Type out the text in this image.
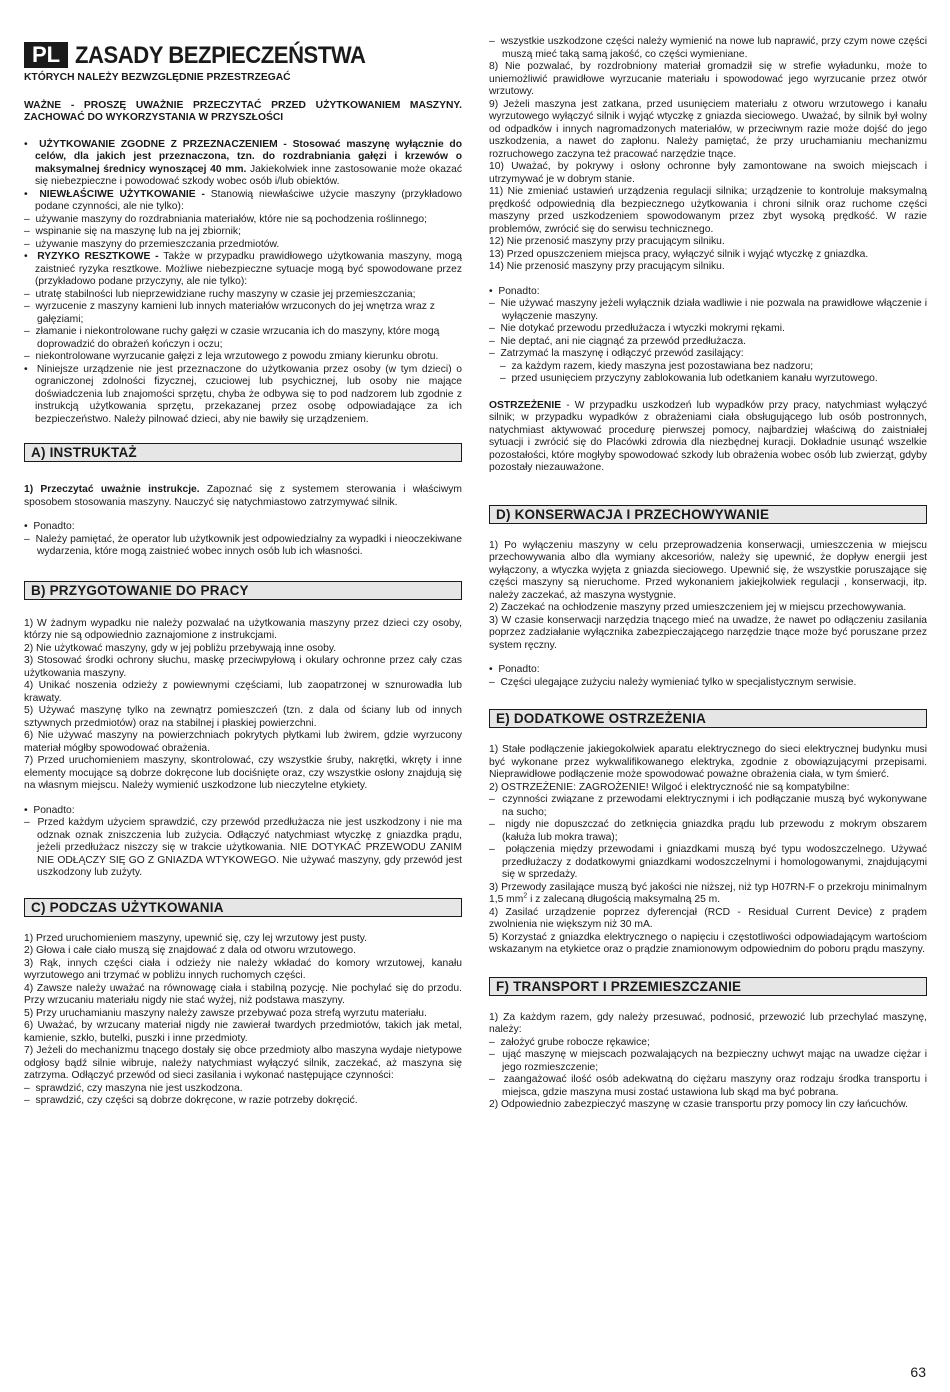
PL ZASADY BEZPIECZEŃSTWA

KTÓRYCH NALEŻY BEZWZGLĘDNIE PRZESTRZEGAĆ

WAŻNE - PROSZĘ UWAŻNIE PRZECZYTAĆ PRZED UŻYTKOWANIEM MASZYNY. ZACHOWAĆ DO WYKORZYSTANIA W PRZYSZŁOŚCI

•  UŻYTKOWANIE ZGODNE Z PRZEZNACZENIEM - Stosować maszynę wyłącznie do celów, dla jakich jest przeznaczona, tzn. do rozdrabniania gałęzi i krzewów o maksymalnej średnicy wynoszącej 40 mm. Jakiekolwiek inne zastosowanie może okazać się niebezpieczne i powodować szkody wobec osób i/lub obiektów.

•  NIEWŁAŚCIWE UŻYTKOWANIE - Stanowią niewłaściwe użycie maszyny (przykładowo podane czynności, ale nie tylko):

–  używanie maszyny do rozdrabniania materiałów, które nie są pochodzenia roślinnego;

–  wspinanie się na maszynę lub na jej zbiornik;

–  używanie maszyny do przemieszczania przedmiotów.

•  RYZYKO RESZTKOWE - Także w przypadku prawidłowego użytkowania maszyny, mogą zaistnieć ryzyka resztkowe. Możliwe niebezpieczne sytuacje mogą być spowodowane przez (przykładowo podane przyczyny, ale nie tylko):

–  utratę stabilności lub nieprzewidziane ruchy maszyny w czasie jej przemieszczania;

–  wyrzucenie z maszyny kamieni lub innych materiałów wrzuconych do jej wnętrza wraz z gałęziami;

–  złamanie i niekontrolowane ruchy gałęzi w czasie wrzucania ich do maszyny, które mogą doprowadzić do obrażeń kończyn i oczu;

–  niekontrolowane wyrzucanie gałęzi z leja wrzutowego z powodu zmiany kierunku obrotu.

•  Niniejsze urządzenie nie jest przeznaczone do użytkowania przez osoby (w tym dzieci) o ograniczonej zdolności fizycznej, czuciowej lub psychicznej, lub osoby nie mające doświadczenia lub znajomości sprzętu, chyba że odbywa się to pod nadzorem lub zgodnie z instrukcją użytkowania sprzętu, przekazanej przez osobę odpowiadające za ich bezpieczeństwo. Należy pilnować dzieci, aby nie bawiły się urządzeniem.

A) INSTRUKTAŻ

1) Przeczytać uważnie instrukcje. Zapoznać się z systemem sterowania i właściwym sposobem stosowania maszyny. Nauczyć się natychmiastowo zatrzymywać silnik.

•  Ponadto:

–  Należy pamiętać, że operator lub użytkownik jest odpowiedzialny za wypadki i nieoczekiwane wydarzenia, które mogą zaistnieć wobec innych osób lub ich własności.

B) PRZYGOTOWANIE DO PRACY

1) W żadnym wypadku nie należy pozwalać na użytkowania maszyny przez dzieci czy osoby, którzy nie są odpowiednio zaznajomione z instrukcjami.

2) Nie użytkować maszyny, gdy w jej pobliżu przebywają inne osoby.

3) Stosować środki ochrony słuchu, maskę przeciwpyłową i okulary ochronne przez cały czas użytkowania maszyny.

4) Unikać noszenia odzieży z powiewnymi częściami, lub zaopatrzonej w sznurowadła lub krawaty.

5) Używać maszynę tylko na zewnątrz pomieszczeń (tzn. z dala od ściany lub od innych sztywnych przedmiotów) oraz na stabilnej i płaskiej powierzchni.

6) Nie używać maszyny na powierzchniach pokrytych płytkami lub żwirem, gdzie wyrzucony materiał mógłby spowodować obrażenia.

7) Przed uruchomieniem maszyny, skontrolować, czy wszystkie śruby, nakrętki, wkręty i inne elementy mocujące są dobrze dokręcone lub dociśnięte oraz, czy wszystkie osłony znajdują się na własnym miejscu. Należy wymienić uszkodzone lub nieczytelne etykiety.

•  Ponadto:

–  Przed każdym użyciem sprawdzić, czy przewód przedłużacza nie jest uszkodzony i nie ma odznak oznak zniszczenia lub zużycia. Odłączyć natychmiast wtyczkę z gniazdka prądu, jeżeli przedłużacz niszczy się w trakcie użytkowania. NIE DOTYKAĆ PRZEWODU ZANIM NIE ODŁĄCZY SIĘ GO Z GNIAZDA WTYKOWEGO. Nie używać maszyny, gdy przewód jest uszkodzony lub zużyty.

C) PODCZAS UŻYTKOWANIA

1) Przed uruchomieniem maszyny, upewnić się, czy lej wrzutowy jest pusty.

2) Głowa i całe ciało muszą się znajdować z dala od otworu wrzutowego.

3) Rąk, innych części ciała i odzieży nie należy wkładać do komory wrzutowej, kanału wyrzutowego ani trzymać w pobliżu innych ruchomych części.

4) Zawsze należy uważać na równowagę ciała i stabilną pozycję. Nie pochylać się do przodu. Przy wrzucaniu materiału nigdy nie stać wyżej, niż podstawa maszyny.

5) Przy uruchamianiu maszyny należy zawsze przebywać poza strefą wyrzutu materiału.

6) Uważać, by wrzucany materiał nigdy nie zawierał twardych przedmiotów, takich jak metal, kamienie, szkło, butelki, puszki i inne przedmioty.

7) Jeżeli do mechanizmu tnącego dostały się obce przedmioty albo maszyna wydaje nietypowe odgłosy bądź silnie wibruje, należy natychmiast wyłączyć silnik, zaczekać, aż maszyna się zatrzyma. Odłączyć przewód od sieci zasilania i wykonać następujące czynności:

–  sprawdzić, czy maszyna nie jest uszkodzona.

–  sprawdzić, czy części są dobrze dokręcone, w razie potrzeby dokręcić.

–  wszystkie uszkodzone części należy wymienić na nowe lub naprawić, przy czym nowe części muszą mieć taką samą jakość, co części wymieniane.

8) Nie pozwalać, by rozdrobniony materiał gromadził się w strefie wyładunku, może to uniemożliwić prawidłowe wyrzucanie materiału i spowodować jego wyrzucanie przez otwór wrzutowy.

9) Jeżeli maszyna jest zatkana, przed usunięciem materiału z otworu wrzutowego i kanału wyrzutowego wyłączyć silnik i wyjąć wtyczkę z gniazda sieciowego. Uważać, by silnik był wolny od odpadków i innych nagromadzonych materiałów, w przeciwnym razie może dojść do jego uszkodzenia, a nawet do zapłonu. Należy pamiętać, że przy uruchamianiu mechanizmu rozruchowego zaczyna też pracować narzędzie tnące.

10) Uważać, by pokrywy i osłony ochronne były zamontowane na swoich miejscach i utrzymywać je w dobrym stanie.

11) Nie zmieniać ustawień urządzenia regulacji silnika; urządzenie to kontroluje maksymalną prędkość odpowiednią dla bezpiecznego użytkowania i chroni silnik oraz ruchome części maszyny przed uszkodzeniem spowodowanym przez zbyt wysoką prędkość. W razie problemów, zwrócić się do serwisu technicznego.

12) Nie przenosić maszyny przy pracującym silniku.

13) Przed opuszczeniem miejsca pracy, wyłączyć silnik i wyjąć wtyczkę z gniazdka.

14) Nie przenosić maszyny przy pracującym silniku.

•  Ponadto:

–  Nie używać maszyny jeżeli wyłącznik działa wadliwie i nie pozwala na prawidłowe włączenie i wyłączenie maszyny.

–  Nie dotykać przewodu przedłużacza i wtyczki mokrymi rękami.

–  Nie deptać, ani nie ciągnąć za przewód przedłużacza.

–  Zatrzymać la maszynę i odłączyć przewód zasilający:

–  za każdym razem, kiedy maszyna jest pozostawiana bez nadzoru;

–  przed usunięciem przyczyny zablokowania lub odetkaniem kanału wyrzutowego.

OSTRZEŻENIE - W przypadku uszkodzeń lub wypadków przy pracy, natychmiast wyłączyć silnik; w przypadku wypadków z obrażeniami ciała obsługującego lub osób postronnych, natychmiast aktywować procedurę pierwszej pomocy, najbardziej właściwą do zaistniałej sytuacji i zwrócić się do Placówki zdrowia dla niezbędnej kuracji. Dokładnie usunąć wszelkie pozostałości, które mogłyby spowodować szkody lub obrażenia wobec osób lub zwierząt, gdyby pozostały niezauważone.

D) KONSERWACJA I PRZECHOWYWANIE

1) Po wyłączeniu maszyny w celu przeprowadzenia konserwacji, umieszczenia w miejscu przechowywania albo dla wymiany akcesoriów, należy się upewnić, że dopływ energii jest wyłączony, a wtyczka wyjęta z gniazda sieciowego. Upewnić się, że wszystkie poruszające się części maszyny są nieruchome. Przed wykonaniem jakiejkolwiek regulacji , konserwacji, itp. należy zaczekać, aż maszyna wystygnie.

2) Zaczekać na ochłodzenie maszyny przed umieszczeniem jej w miejscu przechowywania.

3) W czasie konserwacji narzędzia tnącego mieć na uwadze, że nawet po odłączeniu zasilania poprzez zadziałanie wyłącznika zabezpieczającego narzędzie tnące może być poruszane przez system ręczny.

•  Ponadto:

–  Części ulegające zużyciu należy wymieniać tylko w specjalistycznym serwisie.

E) DODATKOWE OSTRZEŻENIA

1) Stałe podłączenie jakiegokolwiek aparatu elektrycznego do sieci elektrycznej budynku musi być wykonane przez wykwalifikowanego elektryka, zgodnie z obowiązującymi przepisami. Nieprawidłowe podłączenie może spowodować poważne obrażenia ciała, w tym śmierć.

2) OSTRZEŻENIE: ZAGROŻENIE! Wilgoć i elektryczność nie są kompatybilne:

–  czynności związane z przewodami elektrycznymi i ich podłączanie muszą być wykonywane na sucho;

–  nigdy nie dopuszczać do zetknięcia gniazdka prądu lub przewodu z mokrym obszarem (kałuża lub mokra trawa);

–  połączenia między przewodami i gniazdkami muszą być typu wodoszczelnego. Używać przedłużaczy z dodatkowymi gniazdkami wodoszczelnymi i homologowanymi, znajdującymi się w sprzedaży.

3) Przewody zasilające muszą być jakości nie niższej, niż typ H07RN-F o przekroju minimalnym 1,5 $mm^2$ i z zalecaną długością maksymalną 25 m.

4) Zasilać urządzenie poprzez dyferencjał (RCD - Residual Current Device) z prądem zwolnienia nie większym niż 30 mA.

5) Korzystać z gniazdka elektrycznego o napięciu i częstotliwości odpowiadającym wartościom wskazanym na etykietce oraz o prądzie znamionowym odpowiednim do poboru prądu maszyny.

F) TRANSPORT I PRZEMIESZCZANIE

1) Za każdym razem, gdy należy przesuwać, podnosić, przewozić lub przechylać maszynę, należy:

–  założyć grube robocze rękawice;

–  ująć maszynę w miejscach pozwalających na bezpieczny uchwyt mając na uwadze ciężar i jego rozmieszczenie;

–  zaangażować ilość osób adekwatną do ciężaru maszyny oraz rodzaju środka transportu i miejsca, gdzie maszyna musi zostać ustawiona lub skąd ma być pobrana.

2) Odpowiednio zabezpieczyć maszynę w czasie transportu przy pomocy lin czy łańcuchów.

63
